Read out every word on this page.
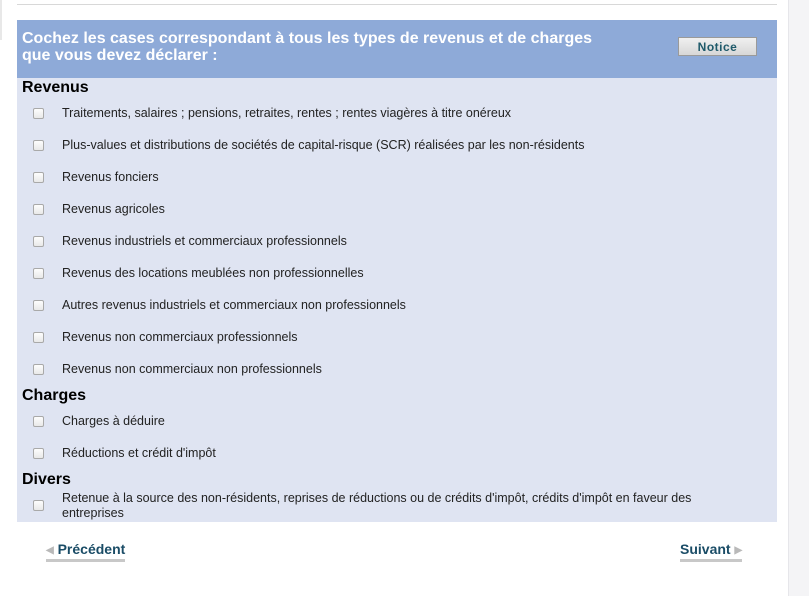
Cochez les cases correspondant à tous les types de revenus et de charges que vous devez déclarer :	Notice
Revenus
Traitements, salaires ; pensions, retraites, rentes ; rentes viagères à titre onéreux
Plus-values et distributions de sociétés de capital-risque (SCR) réalisées par les non-résidents
Revenus fonciers
Revenus agricoles
Revenus industriels et commerciaux professionnels
Revenus des locations meublées non professionnelles
Autres revenus industriels et commerciaux non professionnels
Revenus non commerciaux professionnels
Revenus non commerciaux non professionnels
Charges
Charges à déduire
Réductions et crédit d'impôt
Divers
Retenue à la source des non-résidents, reprises de réductions ou de crédits d'impôt, crédits d'impôt en faveur des entreprises
◀ Précédent	Suivant ▶
